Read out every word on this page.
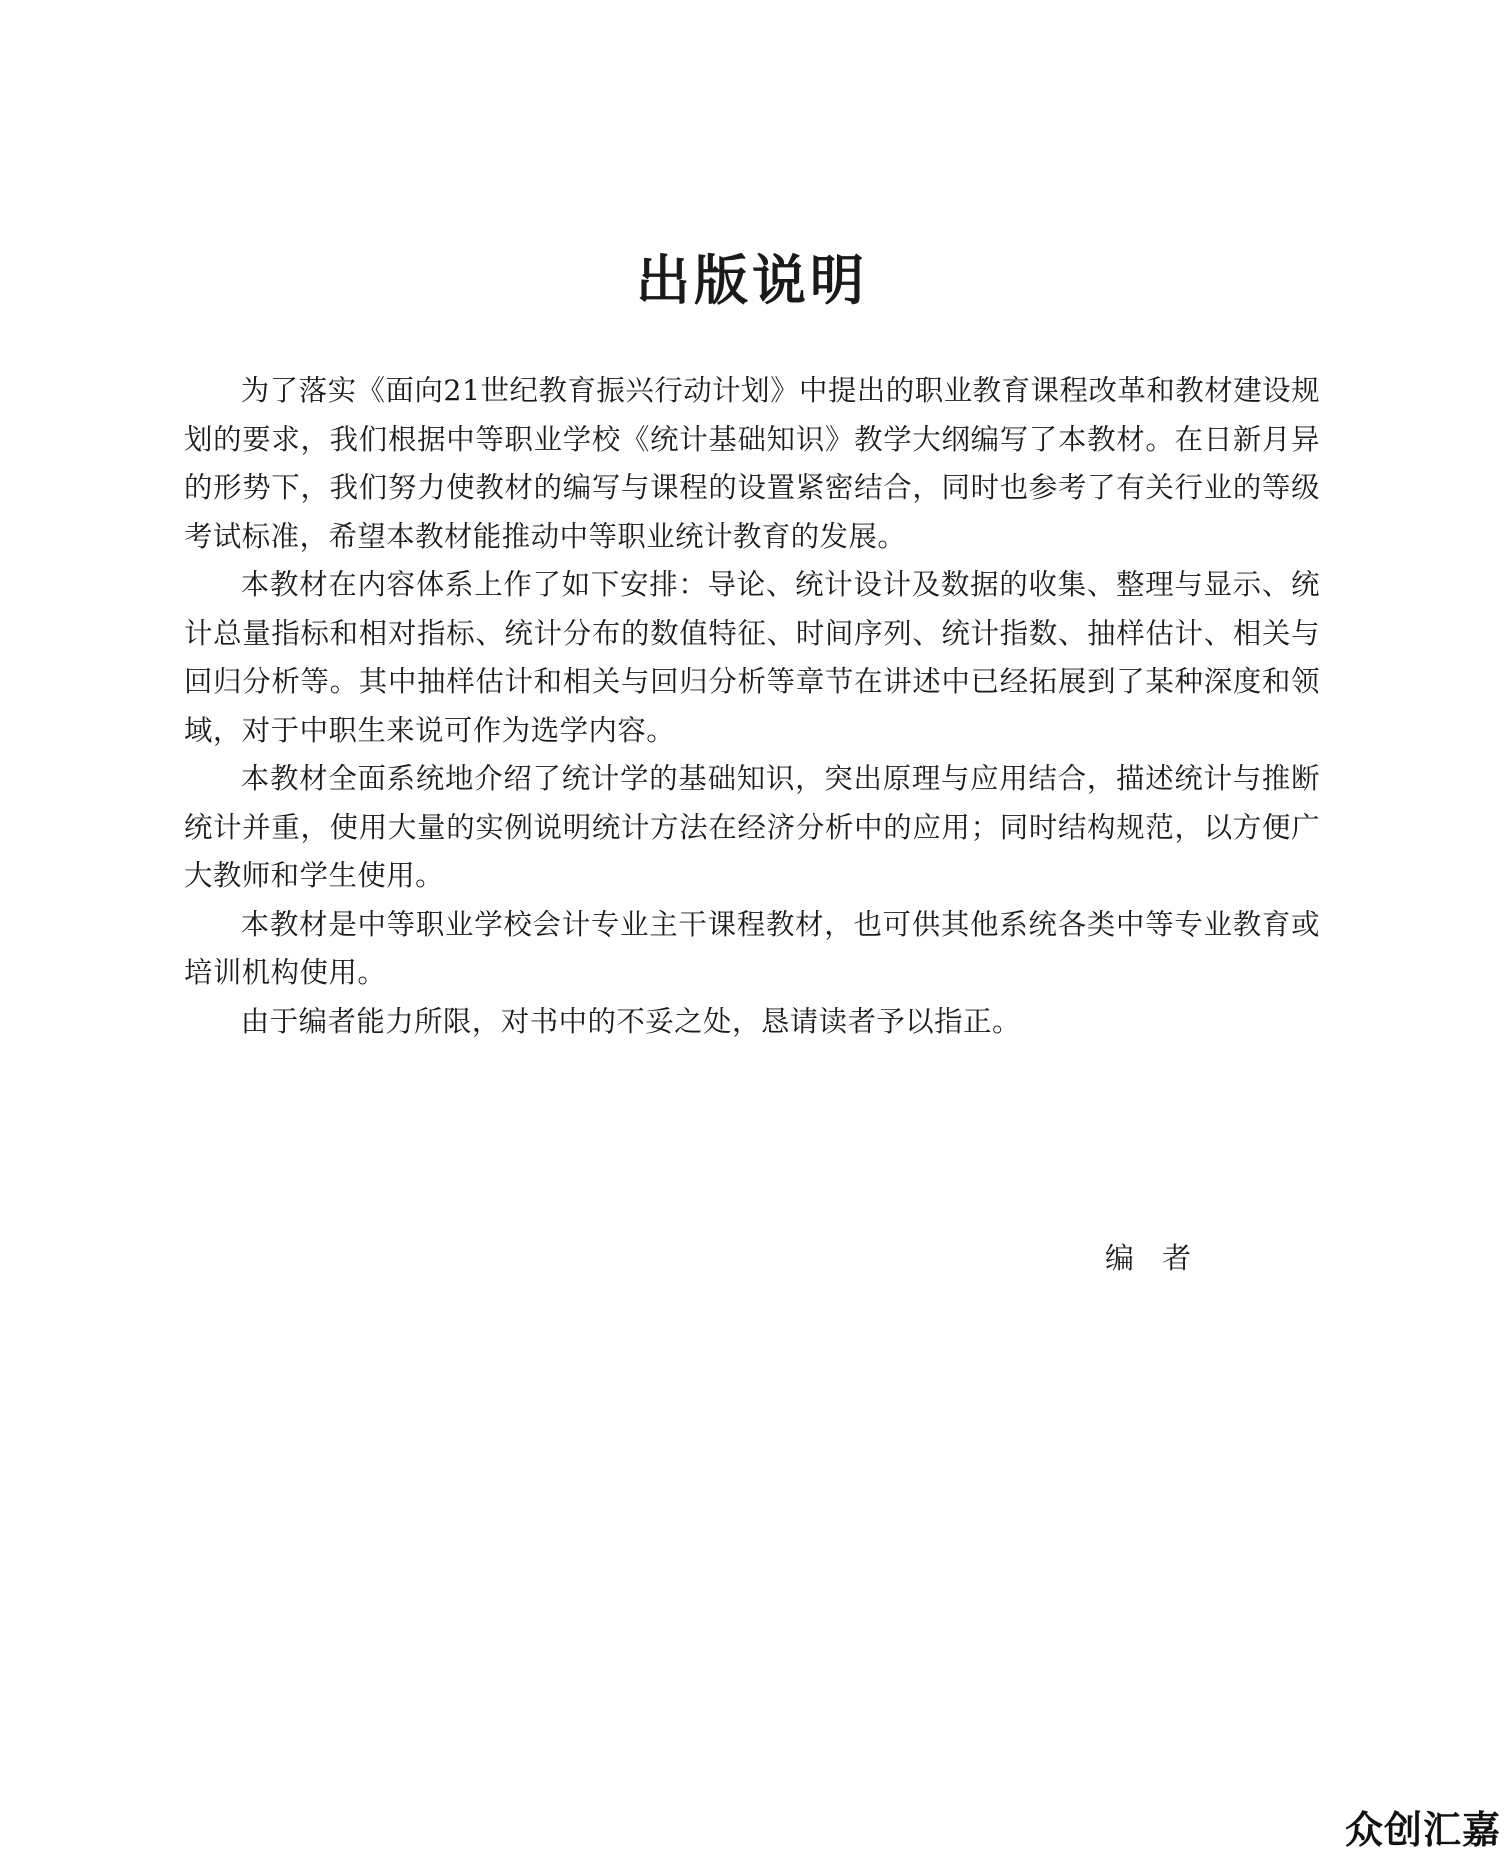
出版说明

为了落实《面向21世纪教育振兴行动计划》中提出的职业教育课程改革和教材建设规划的要求，我们根据中等职业学校《统计基础知识》教学大纲编写了本教材。在日新月异的形势下，我们努力使教材的编写与课程的设置紧密结合，同时也参考了有关行业的等级考试标准，希望本教材能推动中等职业统计教育的发展。

本教材在内容体系上作了如下安排：导论、统计设计及数据的收集、整理与显示、统计总量指标和相对指标、统计分布的数值特征、时间序列、统计指数、抽样估计、相关与回归分析等。其中抽样估计和相关与回归分析等章节在讲述中已经拓展到了某种深度和领域，对于中职生来说可作为选学内容。

本教材全面系统地介绍了统计学的基础知识，突出原理与应用结合，描述统计与推断统计并重，使用大量的实例说明统计方法在经济分析中的应用；同时结构规范，以方便广大教师和学生使用。

本教材是中等职业学校会计专业主干课程教材，也可供其他系统各类中等专业教育或培训机构使用。

由于编者能力所限，对书中的不妥之处，恳请读者予以指正。

编者
众创汇嘉
